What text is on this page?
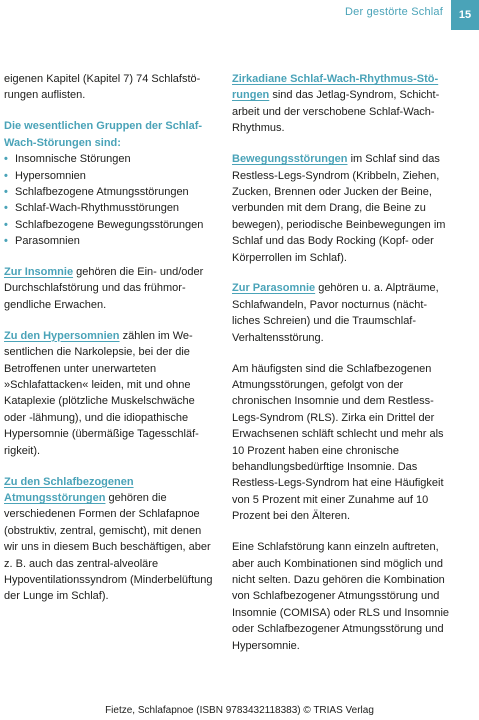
Der gestörte Schlaf	15

eigenen Kapitel (Kapitel 7) 74 Schlafstörungen auflisten.

Die wesentlichen Gruppen der Schlaf-Wach-Störungen sind:

• Insomnische Störungen
• Hypersomnien
• Schlafbezogene Atmungsstörungen
• Schlaf-Wach-Rhythmusstörungen
• Schlafbezogene Bewegungsstörungen
• Parasomnien

Zur Insomnie gehören die Ein- und/oder Durchschlafstörung und das frühmorgendliche Erwachen.

Zu den Hypersomnien zählen im Wesentlichen die Narkolepsie, bei der die Betroffenen unter unerwarteten »Schlafattacken« leiden, mit und ohne Kataplexie (plötzliche Muskelschwäche oder -lähmung), und die idiopathische Hypersomnie (übermäßige Tagesschläfrigkeit).

Zu den Schlafbezogenen Atmungsstörungen gehören die verschiedenen Formen der Schlafapnoe (obstruktiv, zentral, gemischt), mit denen wir uns in diesem Buch beschäftigen, aber z. B. auch das zentral-alveoläre Hypoventilationssyndrom (Minderbelüftung der Lunge im Schlaf).

Zirkadiane Schlaf-Wach-Rhythmus-Störungen sind das Jetlag-Syndrom, Schichtarbeit und der verschobene Schlaf-Wach-Rhythmus.

Bewegungsstörungen im Schlaf sind das Restless-Legs-Syndrom (Kribbeln, Ziehen, Zucken, Brennen oder Jucken der Beine, verbunden mit dem Drang, die Beine zu bewegen), periodische Beinbewegungen im Schlaf und das Body Rocking (Kopf- oder Körperrollen im Schlaf).

Zur Parasomnie gehören u. a. Alpträume, Schlafwandeln, Pavor nocturnus (nächtliches Schreien) und die Traumschlaf-Verhaltensstörung.

Am häufigsten sind die Schlafbezogenen Atmungsstörungen, gefolgt von der chronischen Insomnie und dem Restless-Legs-Syndrom (RLS). Zirka ein Drittel der Erwachsenen schläft schlecht und mehr als 10 Prozent haben eine chronische behandlungsbedürftige Insomnie. Das Restless-Legs-Syndrom hat eine Häufigkeit von 5 Prozent mit einer Zunahme auf 10 Prozent bei den Älteren.

Eine Schlafstörung kann einzeln auftreten, aber auch Kombinationen sind möglich und nicht selten. Dazu gehören die Kombination von Schlafbezogener Atmungsstörung und Insomnie (COMISA) oder RLS und Insomnie oder Schlafbezogener Atmungsstörung und Hypersomnie.

Fietze, Schlafapnoe (ISBN 9783432118383) © TRIAS Verlag
